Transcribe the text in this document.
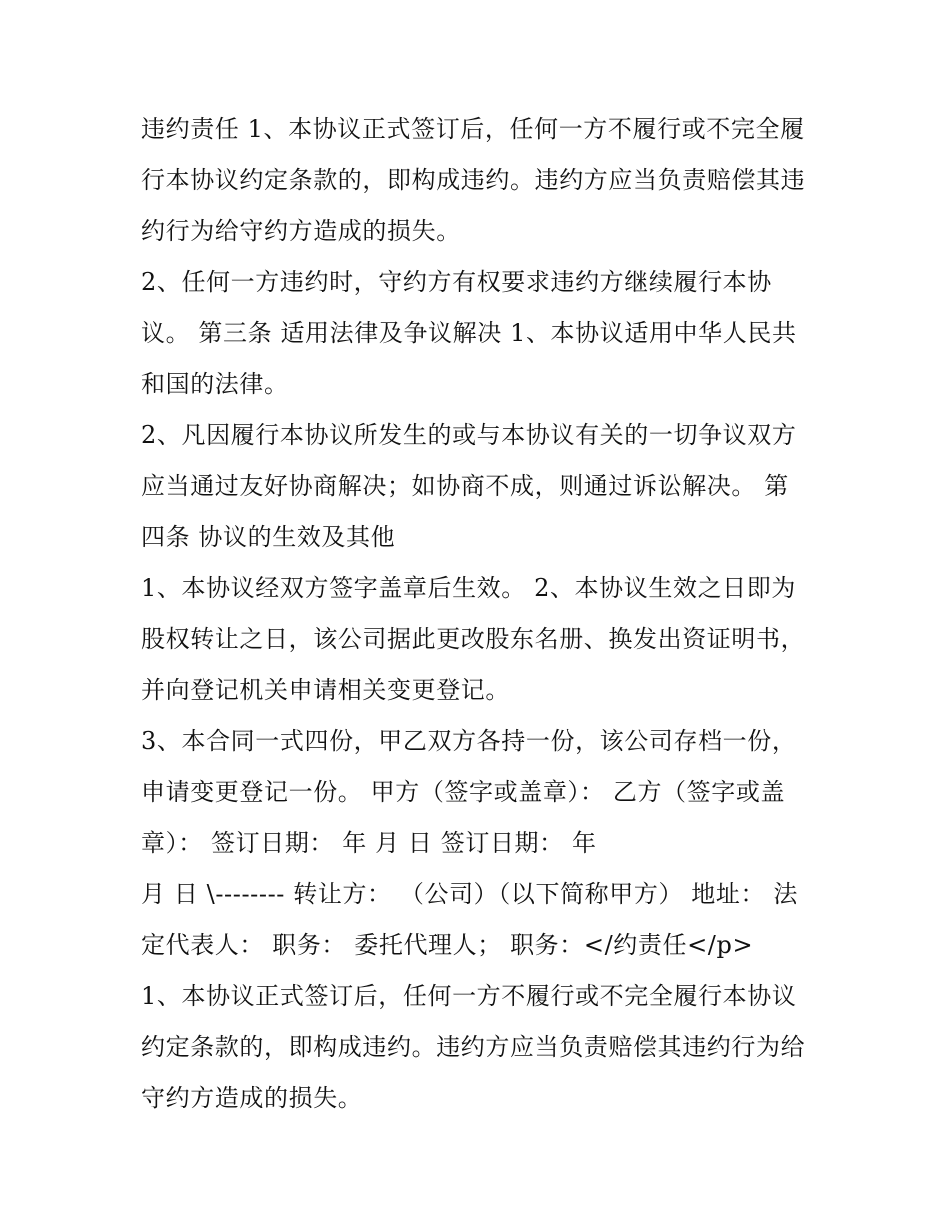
违约责任 1、本协议正式签订后，任何一方不履行或不完全履
行本协议约定条款的，即构成违约。违约方应当负责赔偿其违
约行为给守约方造成的损失。
2、任何一方违约时，守约方有权要求违约方继续履行本协
议。 第三条 适用法律及争议解决 1、本协议适用中华人民共
和国的法律。
2、凡因履行本协议所发生的或与本协议有关的一切争议双方
应当通过友好协商解决；如协商不成，则通过诉讼解决。 第
四条 协议的生效及其他
1、本协议经双方签字盖章后生效。 2、本协议生效之日即为
股权转让之日，该公司据此更改股东名册、换发出资证明书，
并向登记机关申请相关变更登记。
3、本合同一式四份，甲乙双方各持一份，该公司存档一份，
申请变更登记一份。 甲方（签字或盖章）： 乙方（签字或盖
章）： 签订日期： 年 月 日 签订日期： 年
月 日 \-------- 转让方： （公司）（以下简称甲方） 地址： 法
定代表人： 职务： 委托代理人； 职务：</约责任</p>
1、本协议正式签订后，任何一方不履行或不完全履行本协议
约定条款的，即构成违约。违约方应当负责赔偿其违约行为给
守约方造成的损失。
